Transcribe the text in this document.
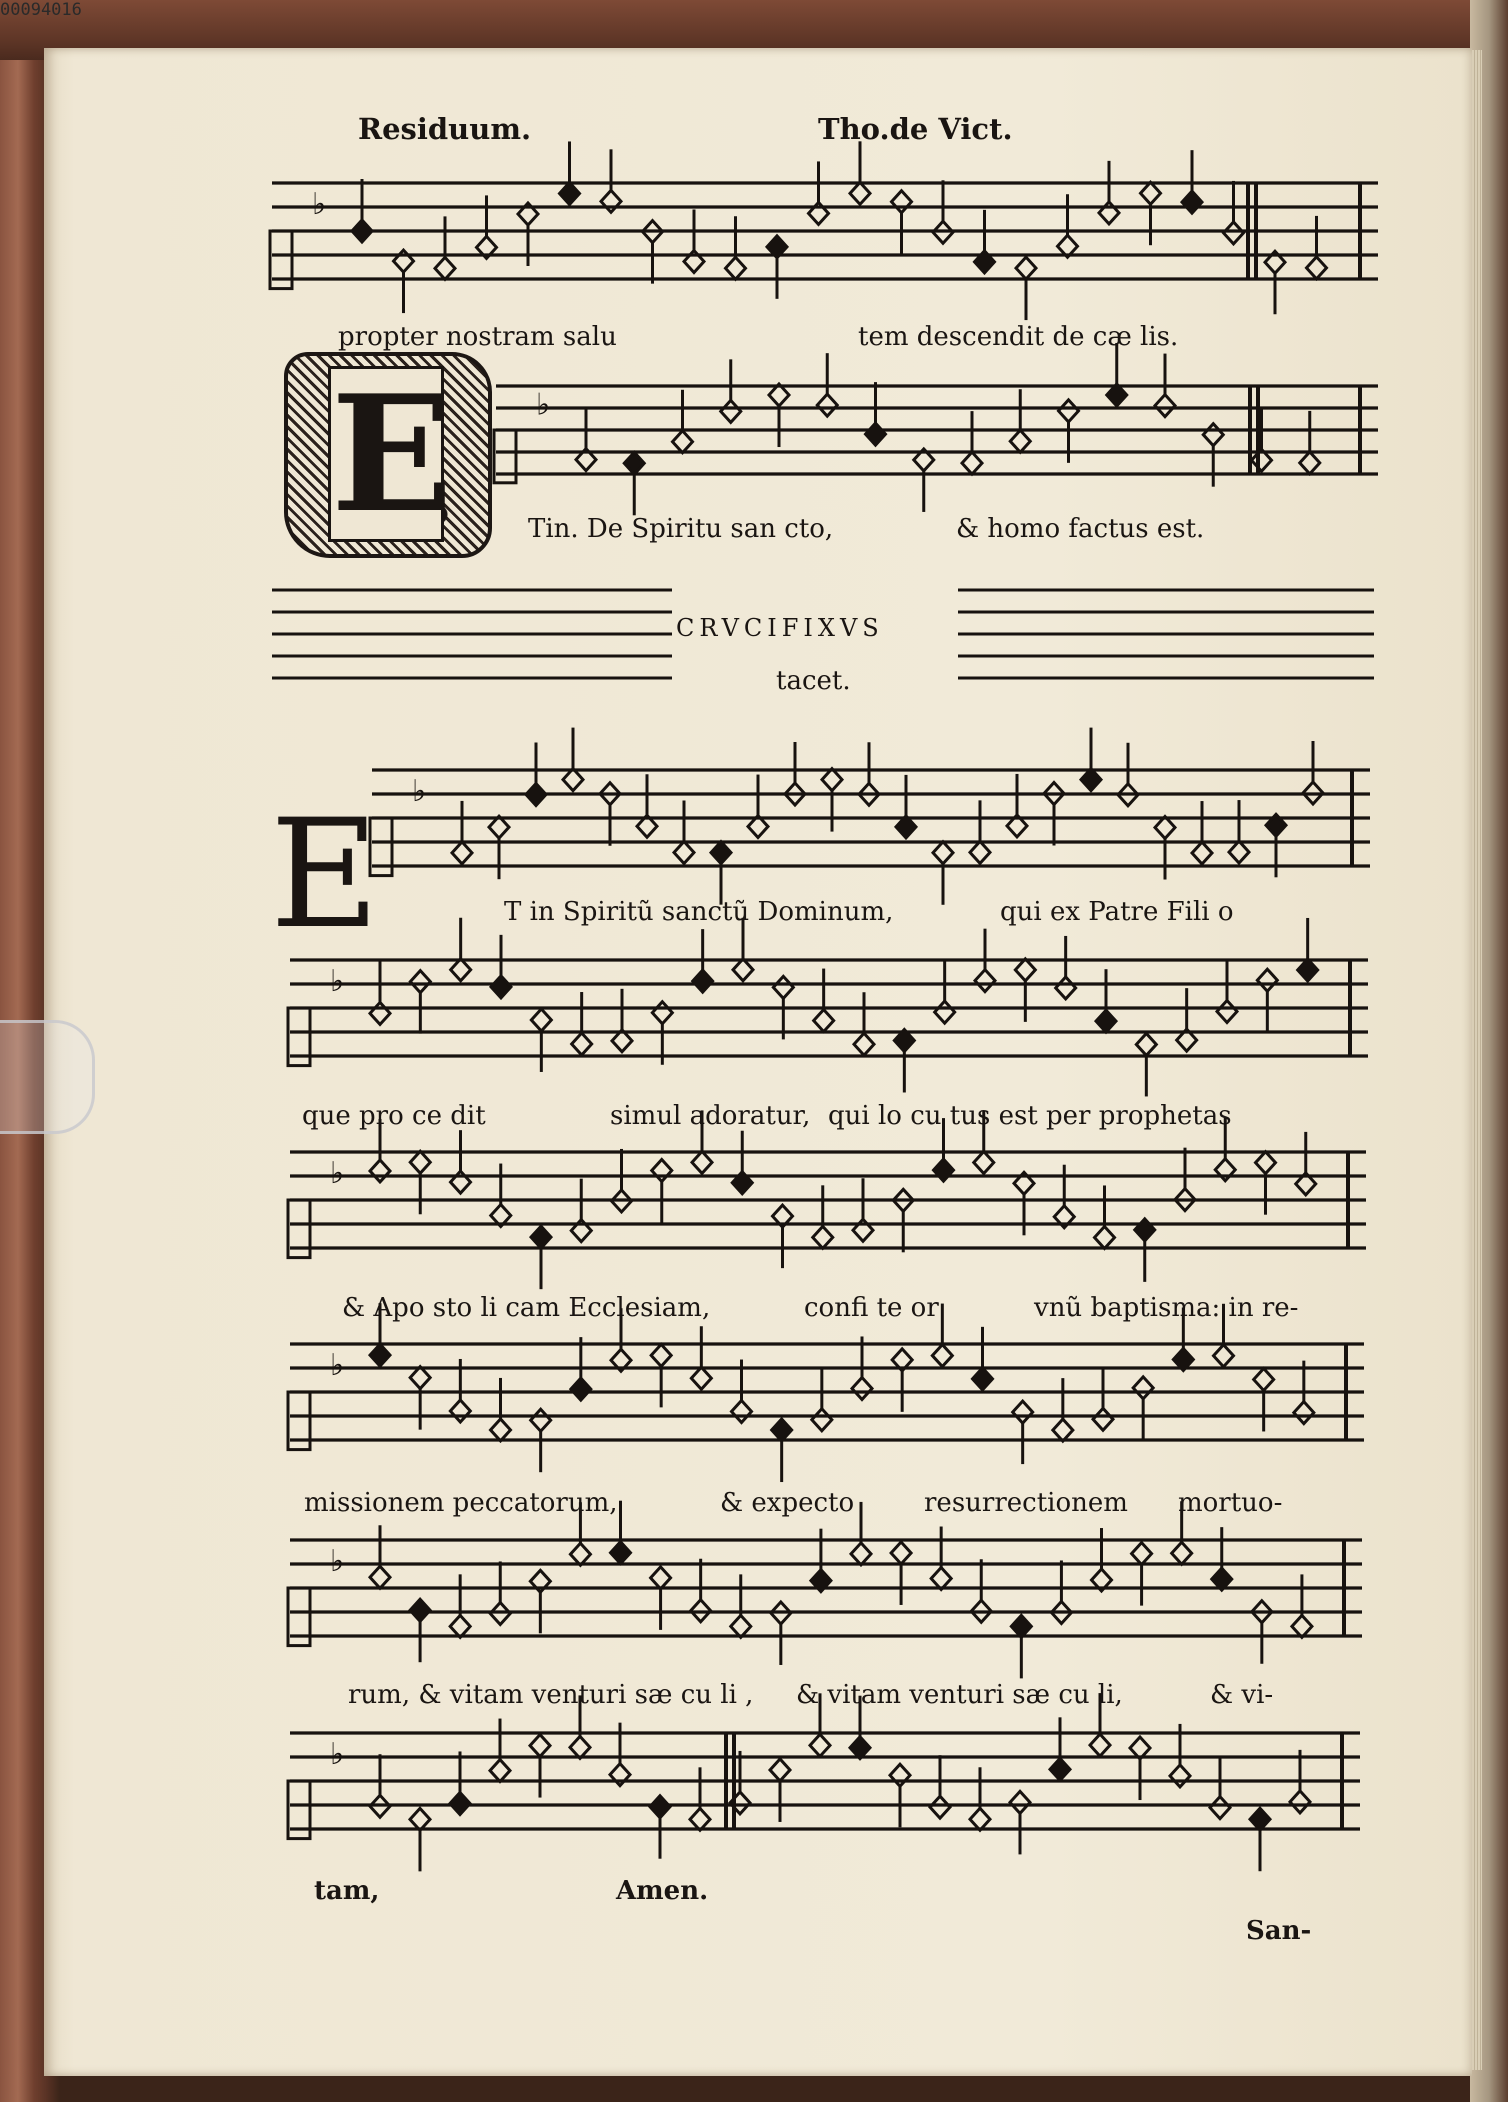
00094016
♭
♭
♭
♭
♭
♭
♭
♭
Residuum.	Tho.de Vict.
propter nostram salu	tem descendit de cæ lis.
Tin. De Spiritu san cto,	& homo factus est.
CRVCIFIXVS
tacet.
T in Spiritũ sanctũ Dominum,	qui ex Patre Fili o
que pro ce dit	simul adoratur, qui lo cu tus est per prophetas
& Apo sto li cam Ecclesiam,	confi te or	vnũ baptisma: in re-
missionem peccatorum,	& expecto	resurrectionem mortuo-
rum, & vitam venturi sæ cu li , & vitam venturi sæ cu li,	& vi-
tam,	Amen.
San-
E
E
